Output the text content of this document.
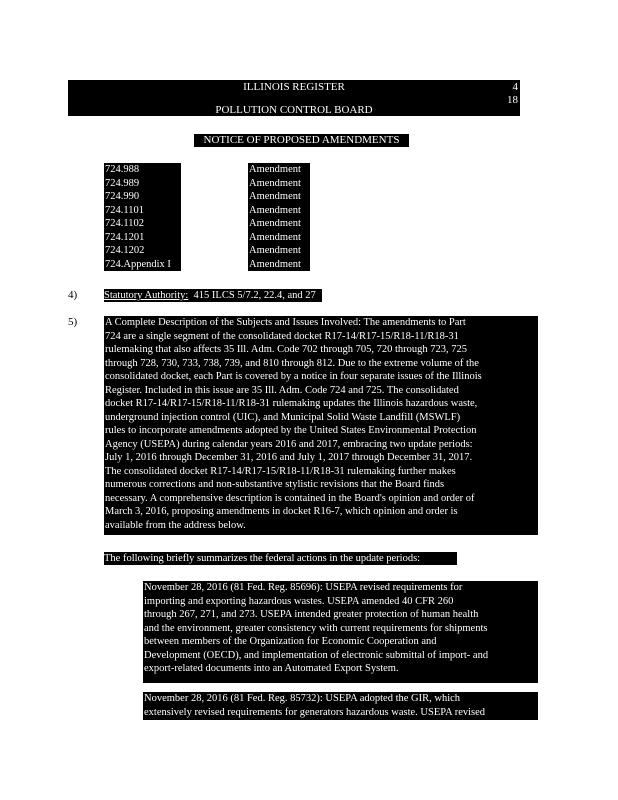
ILLINOIS REGISTER	4
18
POLLUTION CONTROL BOARD
NOTICE OF PROPOSED AMENDMENTS
724.988	Amendment
724.989	Amendment
724.990	Amendment
724.1101	Amendment
724.1102	Amendment
724.1201	Amendment
724.1202	Amendment
724.Appendix I	Amendment
4)	Statutory Authority: 415 ILCS 5/7.2, 22.4, and 27
5)	A Complete Description of the Subjects and Issues Involved: The amendments to Part
724 are a single segment of the consolidated docket R17-14/R17-15/R18-11/R18-31
rulemaking that also affects 35 Ill. Adm. Code 702 through 705, 720 through 723, 725
through 728, 730, 733, 738, 739, and 810 through 812. Due to the extreme volume of the
consolidated docket, each Part is covered by a notice in four separate issues of the Illinois
Register. Included in this issue are 35 Ill. Adm. Code 724 and 725. The consolidated
docket R17-14/R17-15/R18-11/R18-31 rulemaking updates the Illinois hazardous waste,
underground injection control (UIC), and Municipal Solid Waste Landfill (MSWLF)
rules to incorporate amendments adopted by the United States Environmental Protection
Agency (USEPA) during calendar years 2016 and 2017, embracing two update periods:
July 1, 2016 through December 31, 2016 and July 1, 2017 through December 31, 2017.
The consolidated docket R17-14/R17-15/R18-11/R18-31 rulemaking further makes
numerous corrections and non-substantive stylistic revisions that the Board finds
necessary. A comprehensive description is contained in the Board's opinion and order of
March 3, 2016, proposing amendments in docket R16-7, which opinion and order is
available from the address below.
The following briefly summarizes the federal actions in the update periods:
November 28, 2016 (81 Fed. Reg. 85696): USEPA revised requirements for
importing and exporting hazardous wastes. USEPA amended 40 CFR 260
through 267, 271, and 273. USEPA intended greater protection of human health
and the environment, greater consistency with current requirements for shipments
between members of the Organization for Economic Cooperation and
Development (OECD), and implementation of electronic submittal of import- and
export-related documents into an Automated Export System.
November 28, 2016 (81 Fed. Reg. 85732): USEPA adopted the GIR, which
extensively revised requirements for generators hazardous waste. USEPA revised
